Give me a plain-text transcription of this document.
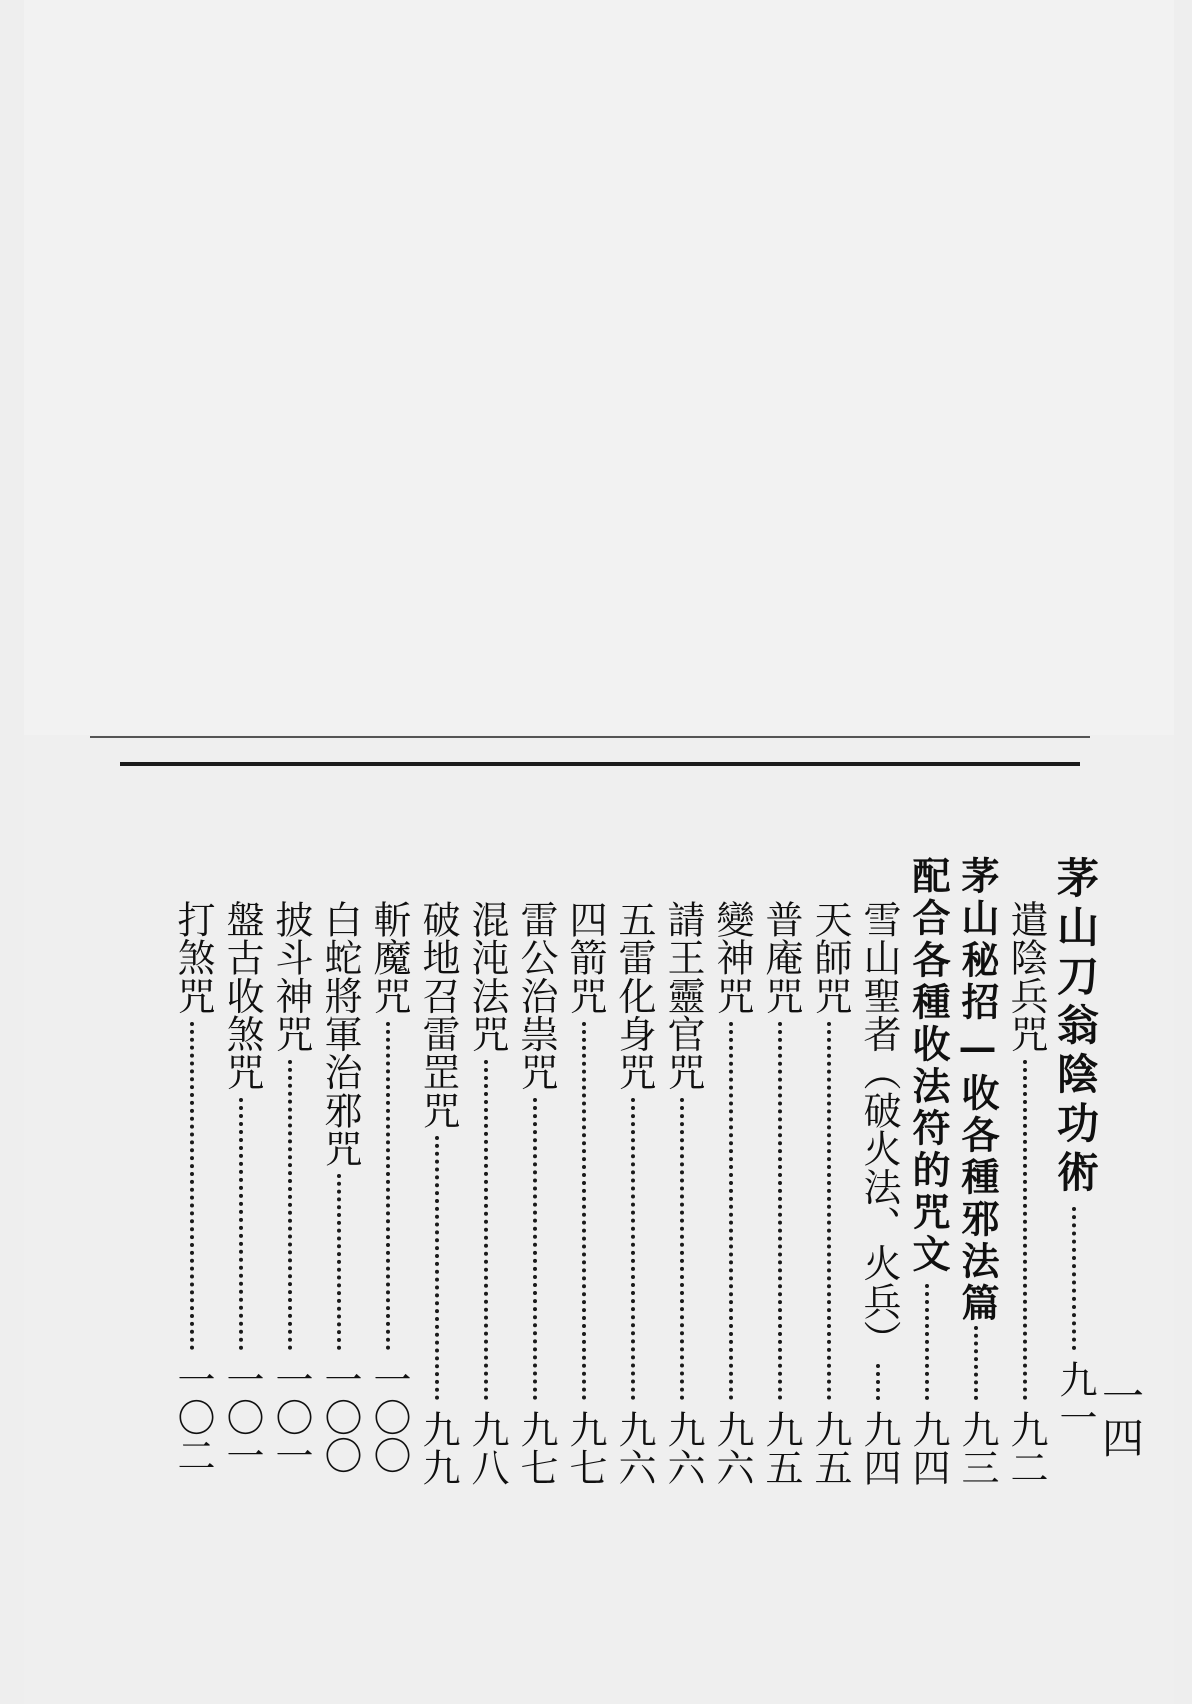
一四
茅山刀翁陰功術
九一
遣陰兵咒
九二
茅山秘招—收各種邪法篇
九三
配合各種收法符的咒文
九四
雪山聖者（破火法、火兵）
九四
天師咒
九五
普庵咒
九五
變神咒
九六
請王靈官咒
九六
五雷化身咒
九六
四箭咒
九七
雷公治祟咒
九七
混沌法咒
九八
破地召雷罡咒
九九
斬魔咒
一〇〇
白蛇將軍治邪咒
一〇〇
披斗神咒
一〇一
盤古收煞咒
一〇一
打煞咒
一〇二
